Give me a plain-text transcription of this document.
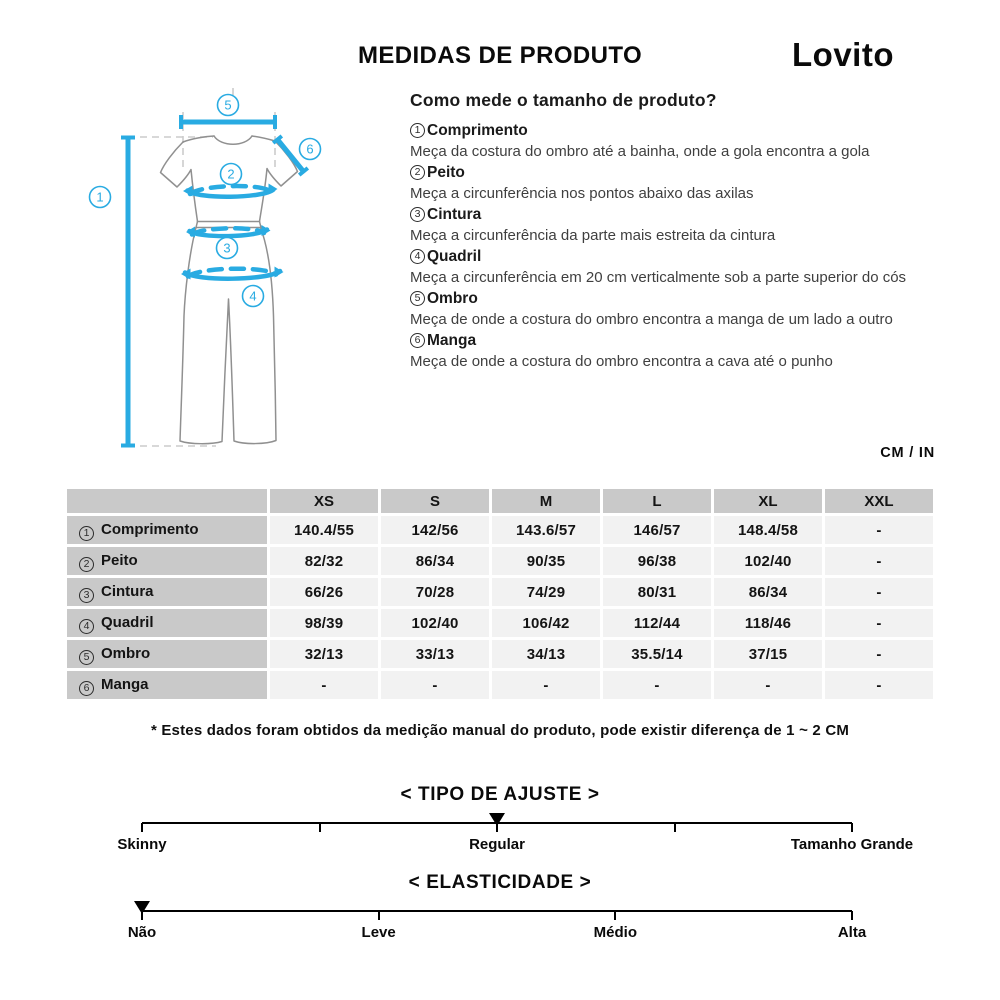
MEDIDAS DE PRODUTO	Lovito
1
2
3
4
5
6
Como mede o tamanho de produto?
1 Comprimento
Meça da costura do ombro até a bainha, onde a gola encontra a gola
2 Peito
Meça a circunferência nos pontos abaixo das axilas
3 Cintura
Meça a circunferência da parte mais estreita da cintura
4 Quadril
Meça a circunferência em 20 cm verticalmente sob a parte superior do cós
5 Ombro
Meça de onde a costura do ombro encontra a manga de um lado a outro
6 Manga
Meça de onde a costura do ombro encontra a cava até o punho
CM / IN
	XS	S	M	L	XL	XXL
1 Comprimento	140.4/55	142/56	143.6/57	146/57	148.4/58	-
2 Peito	82/32	86/34	90/35	96/38	102/40	-
3 Cintura	66/26	70/28	74/29	80/31	86/34	-
4 Quadril	98/39	102/40	106/42	112/44	118/46	-
5 Ombro	32/13	33/13	34/13	35.5/14	37/15	-
6 Manga	-	-	-	-	-	-
* Estes dados foram obtidos da medição manual do produto, pode existir diferença de 1 ~ 2 CM
< TIPO DE AJUSTE >
Skinny	Regular	Tamanho Grande
< ELASTICIDADE >
Não	Leve	Médio	Alta
